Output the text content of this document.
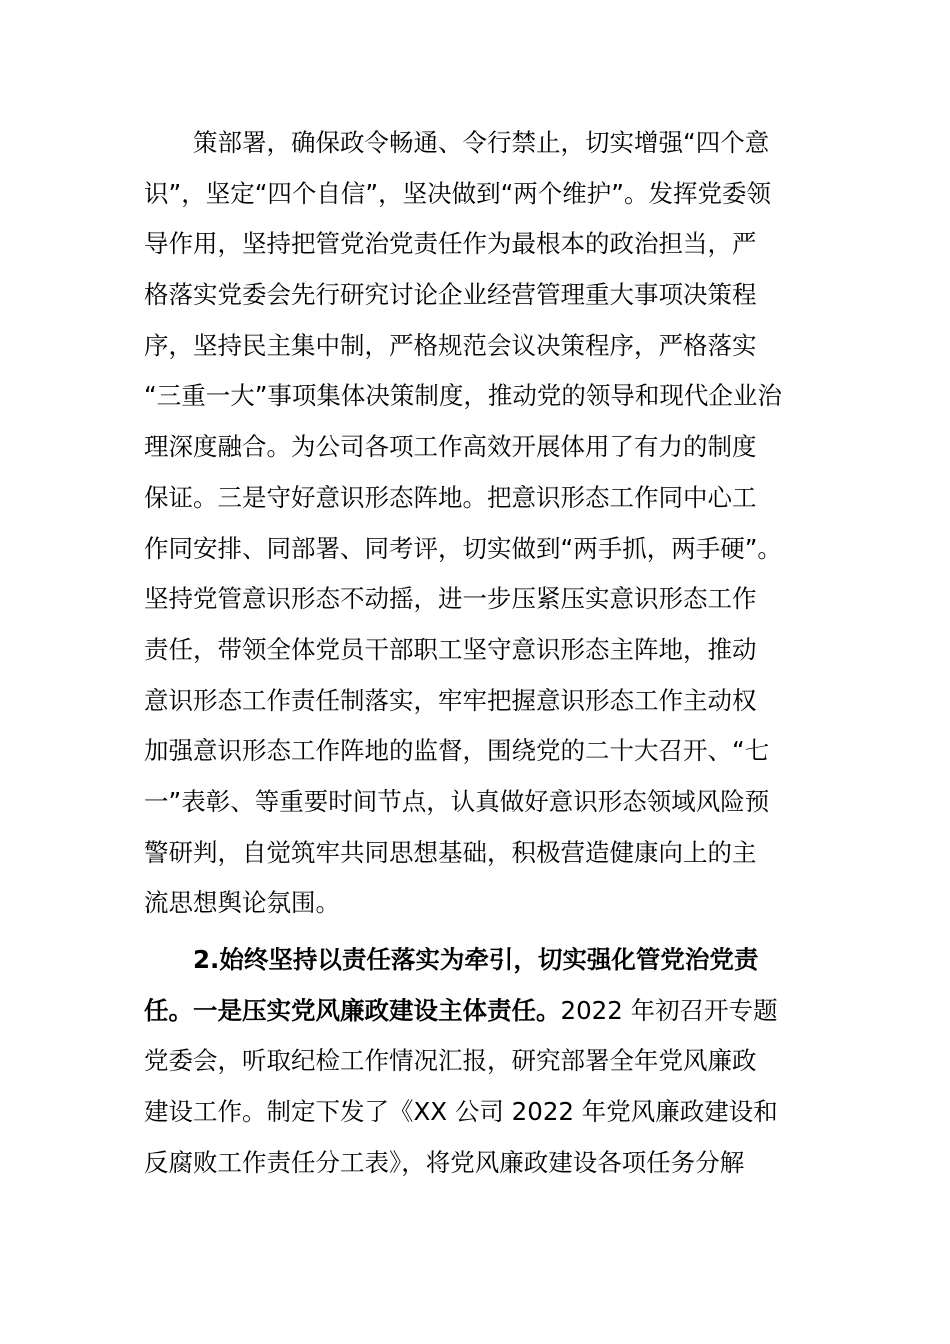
策部署，确保政令畅通、令行禁止，切实增强“四个意
识”，坚定“四个自信”，坚决做到“两个维护”。发挥党委领
导作用，坚持把管党治党责任作为最根本的政治担当，严
格落实党委会先行研究讨论企业经营管理重大事项决策程
序，坚持民主集中制，严格规范会议决策程序，严格落实
“三重一大”事项集体决策制度，推动党的领导和现代企业治
理深度融合。为公司各项工作高效开展体用了有力的制度
保证。三是守好意识形态阵地。把意识形态工作同中心工
作同安排、同部署、同考评，切实做到“两手抓，两手硬”。
坚持党管意识形态不动摇，进一步压紧压实意识形态工作
责任，带领全体党员干部职工坚守意识形态主阵地，推动
意识形态工作责任制落实，牢牢把握意识形态工作主动权
加强意识形态工作阵地的监督，围绕党的二十大召开、“七
一”表彰、等重要时间节点，认真做好意识形态领域风险预
警研判，自觉筑牢共同思想基础，积极营造健康向上的主
流思想舆论氛围。
2.始终坚持以责任落实为牵引，切实强化管党治党责
任。一是压实党风廉政建设主体责任。2022 年初召开专题
党委会，听取纪检工作情况汇报，研究部署全年党风廉政
建设工作。制定下发了《XX 公司 2022 年党风廉政建设和
反腐败工作责任分工表》，将党风廉政建设各项任务分解
